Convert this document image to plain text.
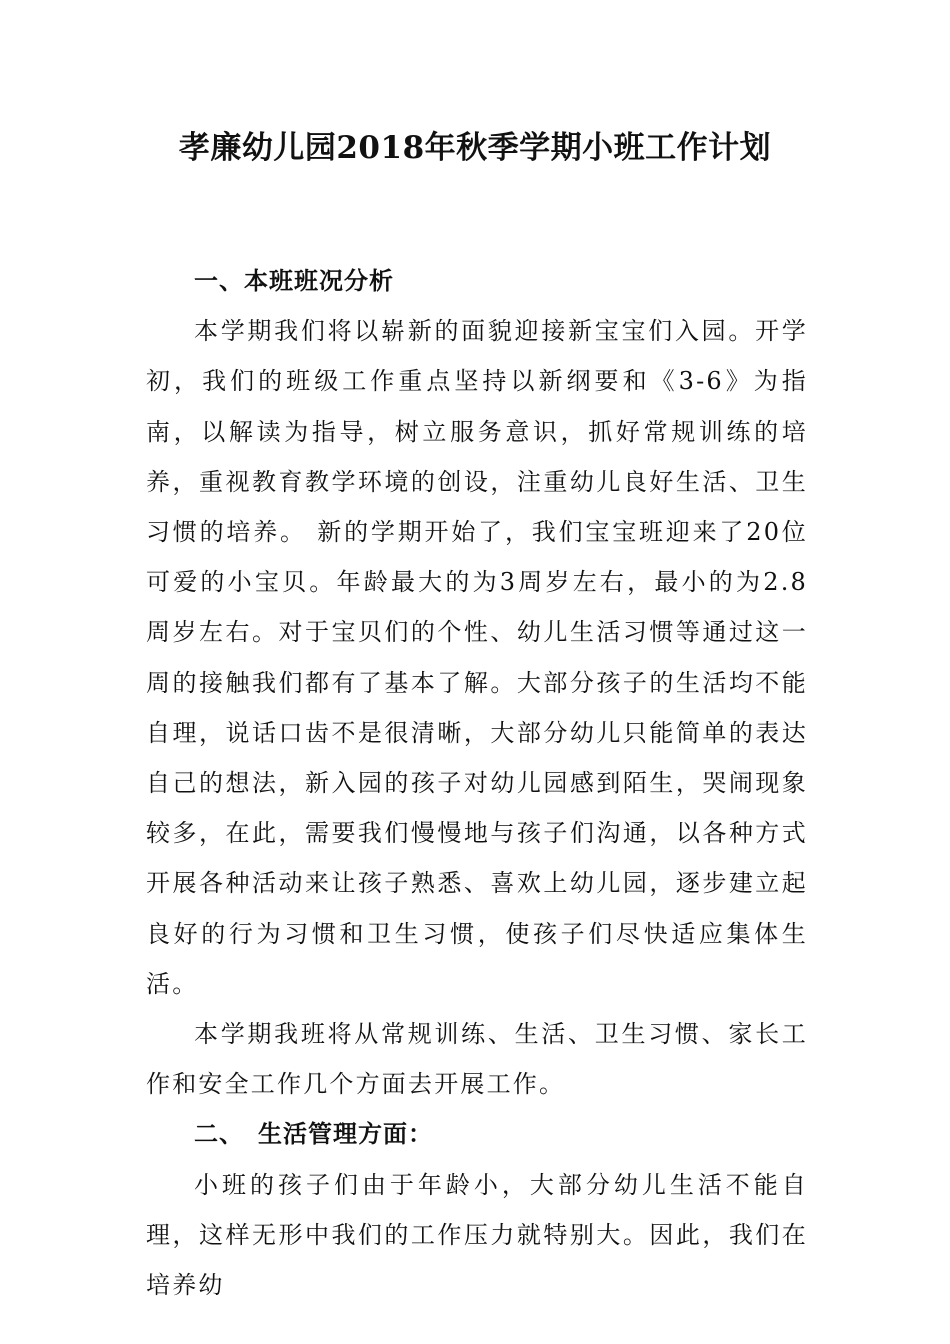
孝廉幼儿园2018年秋季学期小班工作计划

一、本班班况分析

本学期我们将以崭新的面貌迎接新宝宝们入园。开学初，我们的班级工作重点坚持以新纲要和《3-6》为指南，以解读为指导，树立服务意识，抓好常规训练的培养，重视教育教学环境的创设，注重幼儿良好生活、卫生习惯的培养。 新的学期开始了，我们宝宝班迎来了20位可爱的小宝贝。年龄最大的为3周岁左右，最小的为2.8周岁左右。对于宝贝们的个性、幼儿生活习惯等通过这一周的接触我们都有了基本了解。大部分孩子的生活均不能自理，说话口齿不是很清晰，大部分幼儿只能简单的表达自己的想法，新入园的孩子对幼儿园感到陌生，哭闹现象较多，在此，需要我们慢慢地与孩子们沟通，以各种方式开展各种活动来让孩子熟悉、喜欢上幼儿园，逐步建立起良好的行为习惯和卫生习惯，使孩子们尽快适应集体生活。

本学期我班将从常规训练、生活、卫生习惯、家长工作和安全工作几个方面去开展工作。

二、 生活管理方面：

小班的孩子们由于年龄小，大部分幼儿生活不能自理，这样无形中我们的工作压力就特别大。因此，我们在培养幼
